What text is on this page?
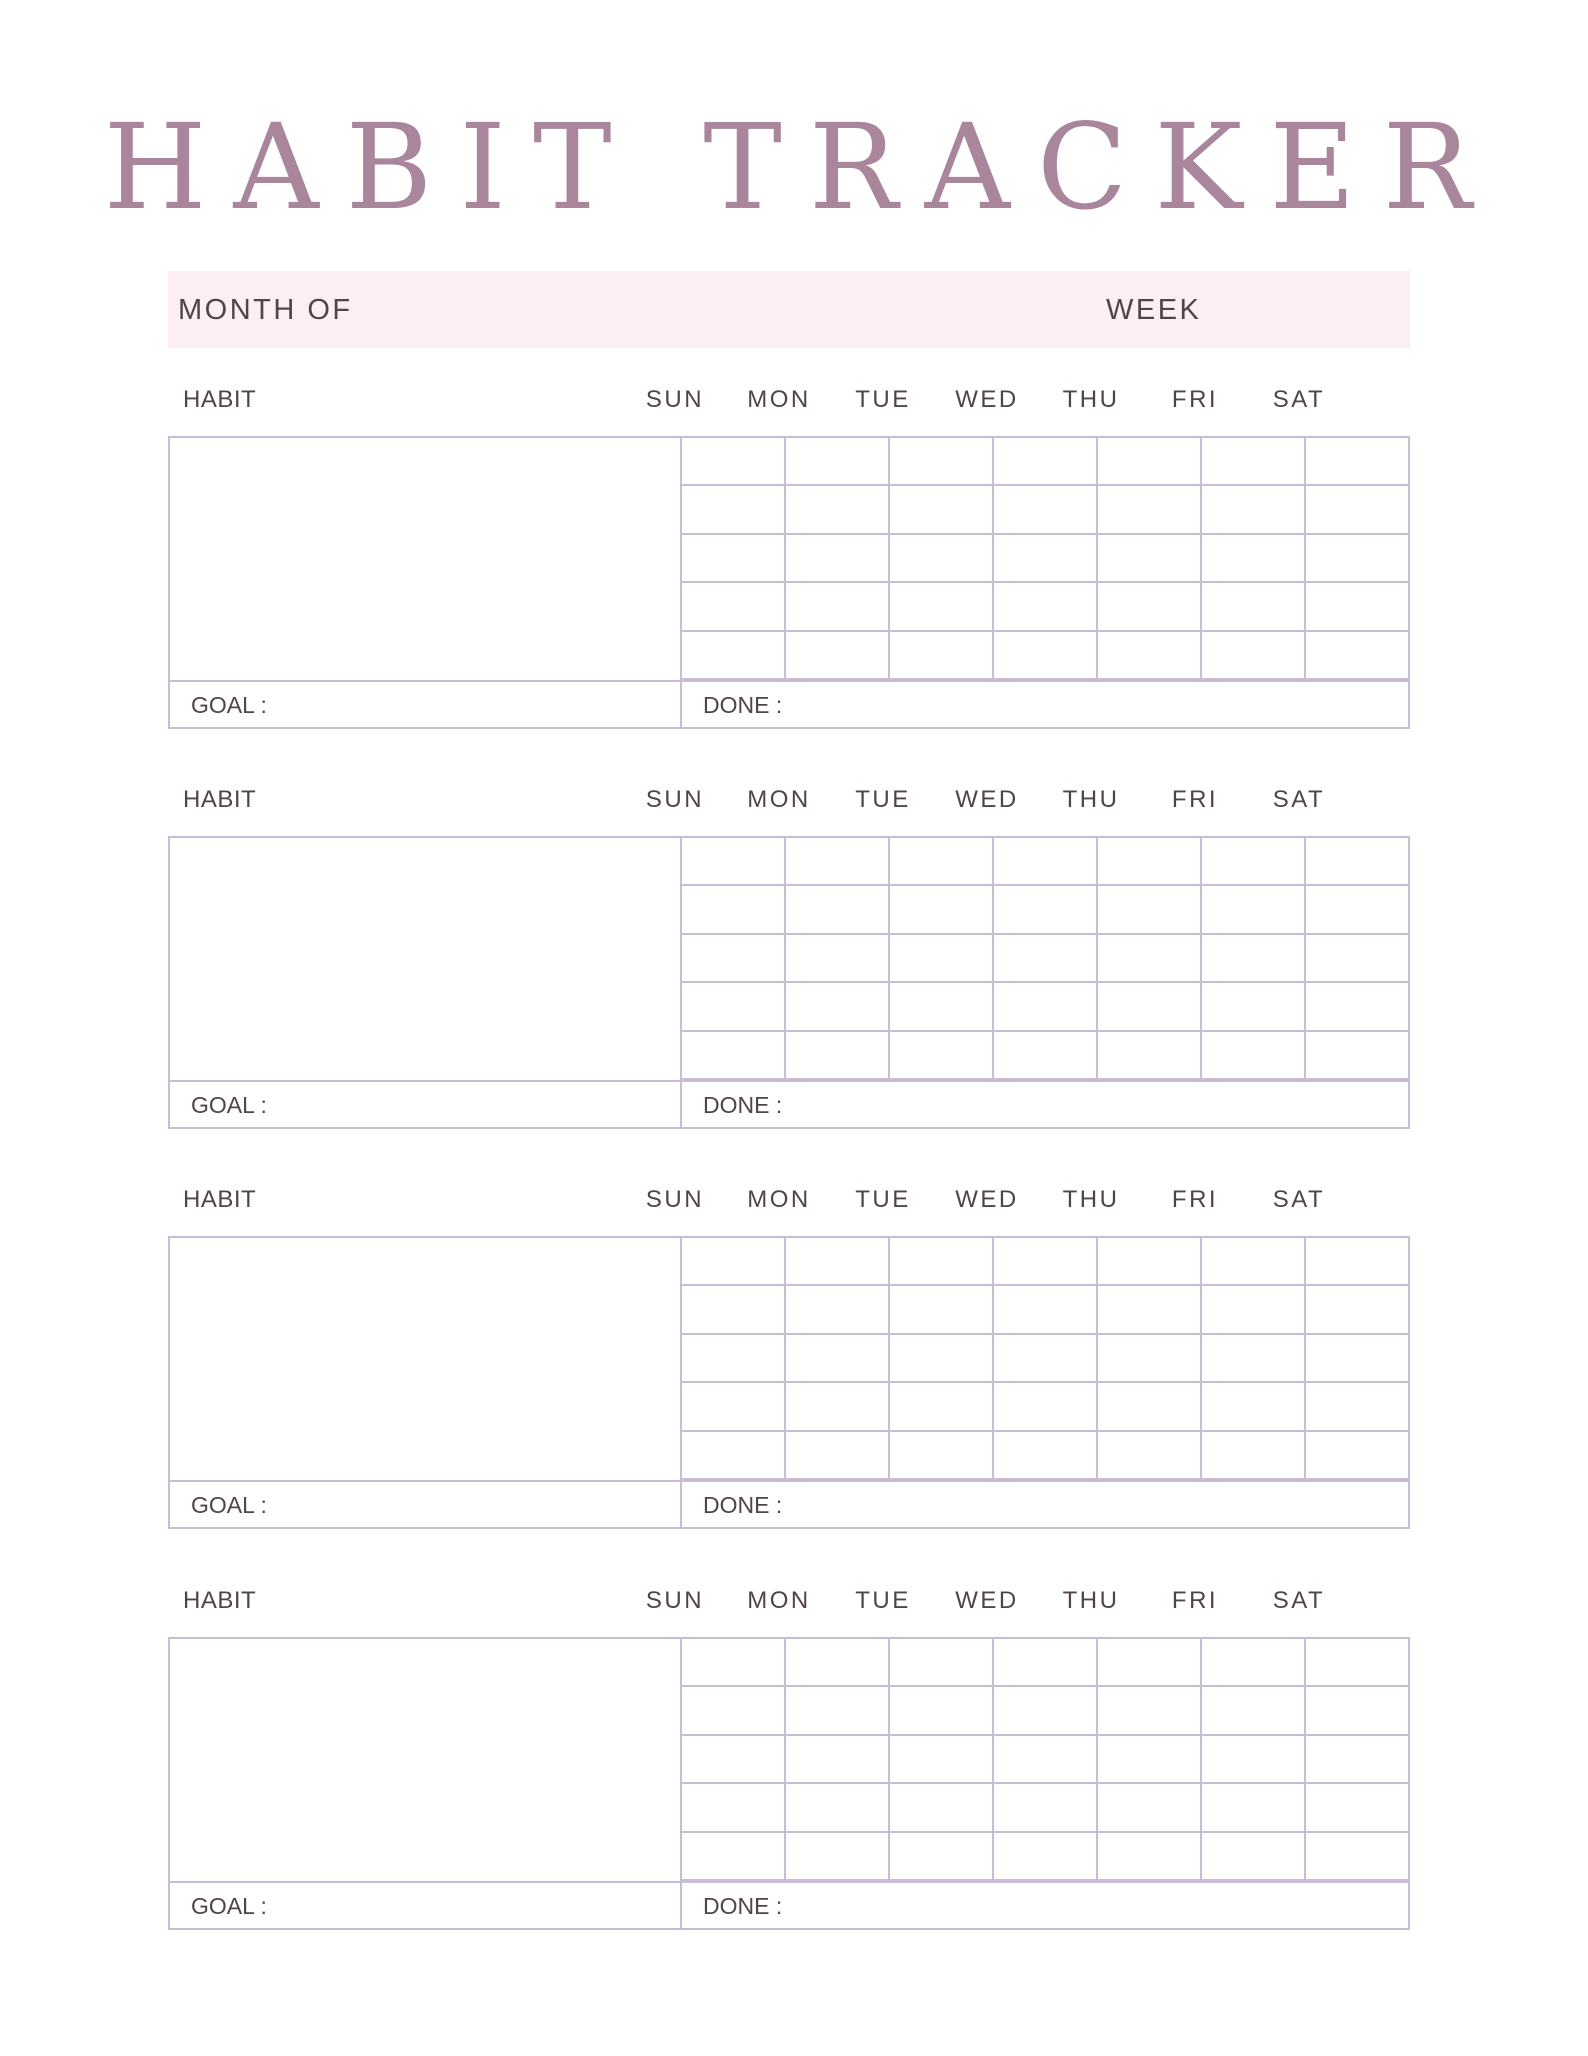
HABIT TRACKER
MONTH OF	WEEK
HABIT	SUN	MON	TUE	WED	THU	FRI	SAT
GOAL :	DONE :
HABIT	SUN	MON	TUE	WED	THU	FRI	SAT
GOAL :	DONE :
HABIT	SUN	MON	TUE	WED	THU	FRI	SAT
GOAL :	DONE :
HABIT	SUN	MON	TUE	WED	THU	FRI	SAT
GOAL :	DONE :
